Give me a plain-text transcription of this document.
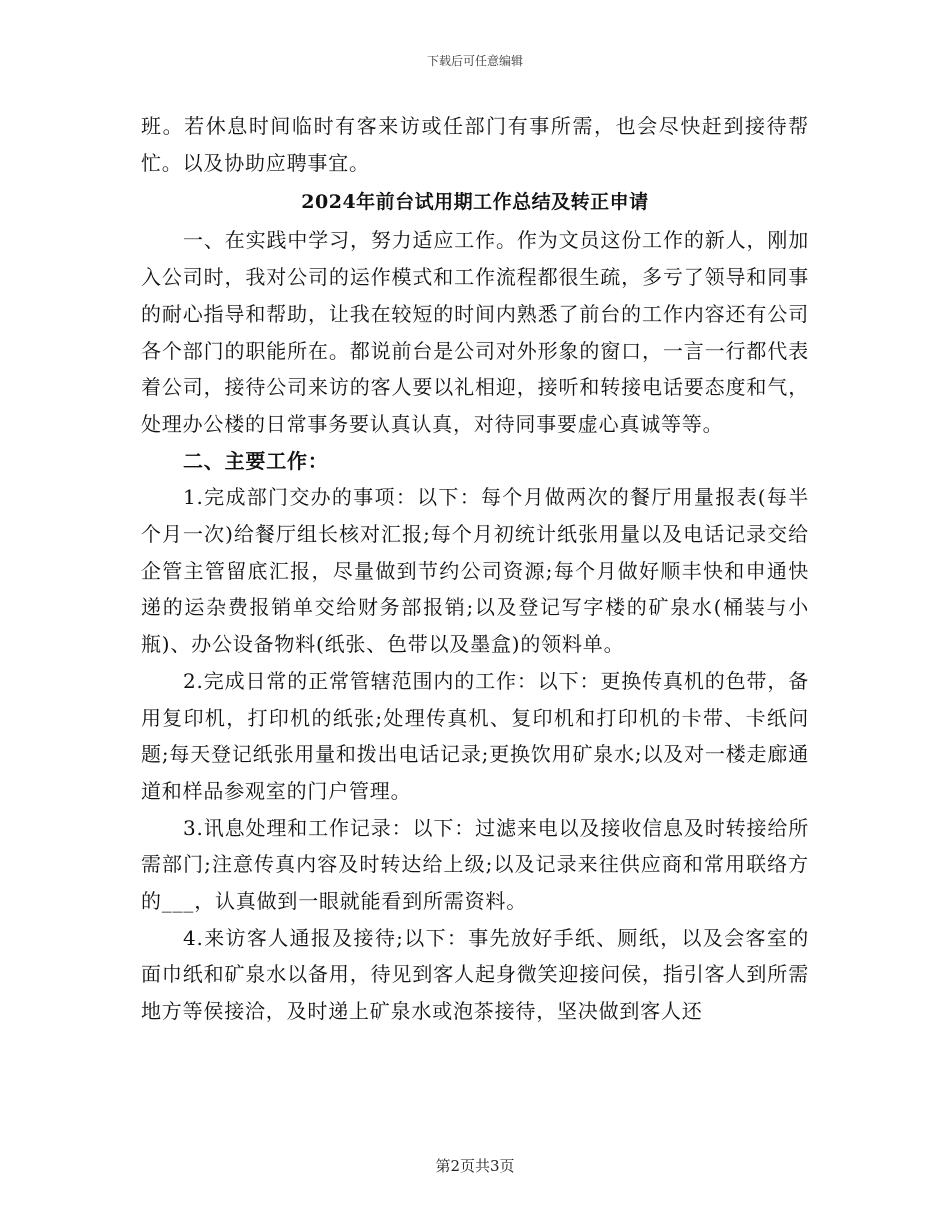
下载后可任意编辑

班。若休息时间临时有客来访或任部门有事所需，也会尽快赶到接待帮忙。以及协助应聘事宜。

2024年前台试用期工作总结及转正申请

一、在实践中学习，努力适应工作。作为文员这份工作的新人，刚加入公司时，我对公司的运作模式和工作流程都很生疏，多亏了领导和同事的耐心指导和帮助，让我在较短的时间内熟悉了前台的工作内容还有公司各个部门的职能所在。都说前台是公司对外形象的窗口，一言一行都代表着公司，接待公司来访的客人要以礼相迎，接听和转接电话要态度和气，处理办公楼的日常事务要认真认真，对待同事要虚心真诚等等。

二、主要工作：

1.完成部门交办的事项：以下：每个月做两次的餐厅用量报表(每半个月一次)给餐厅组长核对汇报;每个月初统计纸张用量以及电话记录交给企管主管留底汇报，尽量做到节约公司资源;每个月做好顺丰快和申通快递的运杂费报销单交给财务部报销;以及登记写字楼的矿泉水(桶装与小瓶)、办公设备物料(纸张、色带以及墨盒)的领料单。

2.完成日常的正常管辖范围内的工作：以下：更换传真机的色带，备用复印机，打印机的纸张;处理传真机、复印机和打印机的卡带、卡纸问题;每天登记纸张用量和拨出电话记录;更换饮用矿泉水;以及对一楼走廊通道和样品参观室的门户管理。

3.讯息处理和工作记录：以下：过滤来电以及接收信息及时转接给所需部门;注意传真内容及时转达给上级;以及记录来往供应商和常用联络方的___，认真做到一眼就能看到所需资料。

4.来访客人通报及接待;以下：事先放好手纸、厕纸，以及会客室的面巾纸和矿泉水以备用，待见到客人起身微笑迎接问侯，指引客人到所需地方等侯接洽，及时递上矿泉水或泡茶接待，坚决做到客人还

第2页共3页
